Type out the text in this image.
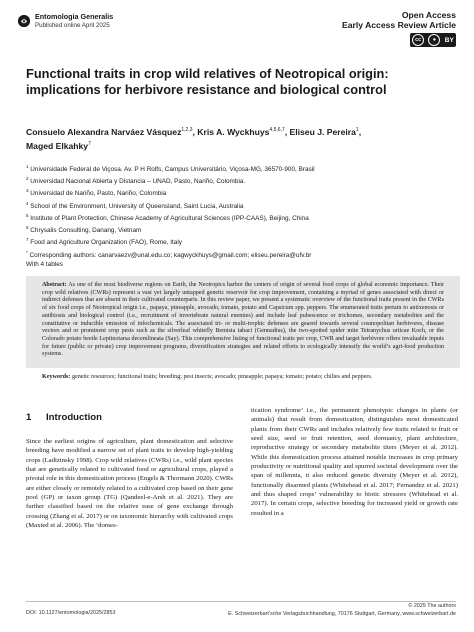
Entomologia Generalis
Published online April 2025
Open Access
Early Access Review Article
cc	●	BY
Functional traits in crop wild relatives of Neotropical origin: implications for herbivore resistance and biological control
Consuelo Alexandra Narváez Vásquez$^{1,2,3}$, Kris A. Wyckhuys$^{4,5,6,7}$, Eliseu J. Pereira$^1$,
Maged Elkahky$^7$
$^1$ Universidade Federal de Viçosa. Av. P H Rolfs, Campus Universitário, Viçosa-MG, 36570-900, Brasil
$^2$ Universidad Nacional Abierta y Distancia – UNAD, Pasto, Nariño, Colombia.
$^3$ Universidad de Nariño, Pasto, Nariño, Colombia
$^4$ School of the Environment, University of Queensland, Saint Lucia, Australia
$^5$ Institute of Plant Protection, Chinese Academy of Agricultural Sciences (IPP-CAAS), Beijing, China
$^6$ Chrysalis Consulting, Danang, Vietnam
$^7$ Food and Agriculture Organization (FAO), Rome, Italy
* Corresponding authors: canarvaezv@unal.edu.co; kagwyckhuys@gmail.com; eliseu.pereira@ufv.br
With 4 tables
Abstract: As one of the most biodiverse regions on Earth, the Neotropics harbor the centers of origin of several food crops of global economic importance. Their crop wild relatives (CWRs) represent a vast yet largely untapped genetic reservoir for crop improvement, containing a myriad of genes associated with direct or indirect defenses that are absent in their cultivated counterparts. In this review paper, we present a systematic overview of the functional traits present in the CWRs of six food crops of Neotropical origin i.e., papaya, pineapple, avocado, tomato, potato and Capsicum spp. peppers. The enumerated traits pertain to antixenosis or antibiosis and biological control (i.e., recruitment of invertebrate natural enemies) and include leaf pubescence or trichomes, secondary metabolites and the constitutive or inducible emission of infochemicals. The associated tri- or multi-trophic defenses are geared towards several cosmopolitan herbivores, disease vectors and or prominent crop pests such as the silverleaf whitefly Bemisia tabaci (Gennadius), the two-spotted spider mite Tetranychus urticae Koch, or the Colorado potato beetle Leptinotarsa decemlineata (Say). This comprehensive listing of functional traits per crop, CWR and target herbivore offers invaluable inputs for future (public or private) crop improvement programs, diversification strategies and related efforts to ecologically intensify the world’s agri-food production systems.
Keywords: genetic resources; functional traits; breeding; pest insects; avocado; pineapple; papaya; tomato; potato; chilies and peppers.
1 Introduction

Since the earliest origins of agriculture, plant domestication and selective breeding have modified a narrow set of plant traits to develop high-yielding crops (Ladizinsky 1998). Crop wild relatives (CWRs) i.e., wild plant species that are genetically related to cultivated food or agricultural crops, played a pivotal role in this domestication process (Engels & Thormann 2020). CWRs are either closely or remotely related to a cultivated crop based on their gene pool (GP) or taxon group (TG) (Qandeel-e-Arsh et al. 2021). They are further classified based on the relative ease of gene exchange through crossing (Zhang et al. 2017) or on taxonomic hierarchy with cultivated crops (Maxted et al. 2006). The ‘domes-

tication syndrome’ i.e., the permanent phenotypic changes in plants (or animals) that result from domestication, distinguishes most domesticated plants from their CWRs and includes relatively few traits related to fruit or seed size, seed or fruit retention, seed dormancy, plant architecture, reproductive strategy or secondary metabolite titers (Meyer et al. 2012). While this domestication process attained notable increases in crop primary productivity or nutritional quality and spurred societal development over the span of millennia, it also reduced genetic diversity (Meyer et al. 2012), functionally disarmed plants (Whitehead et al. 2017; Fernandez et al. 2021) and thus shaped crops’ vulnerability to biotic stressors (Whitehead et al. 2017). In certain crops, selective breeding for increased yield or growth rate resulted in a

DOI: 10.1127/entomologia/2025/2853
© 2025 The authors
E. Schweizerbart’sche Verlagsbuchhandlung, 70176 Stuttgart, Germany, www.schweizerbart.de
